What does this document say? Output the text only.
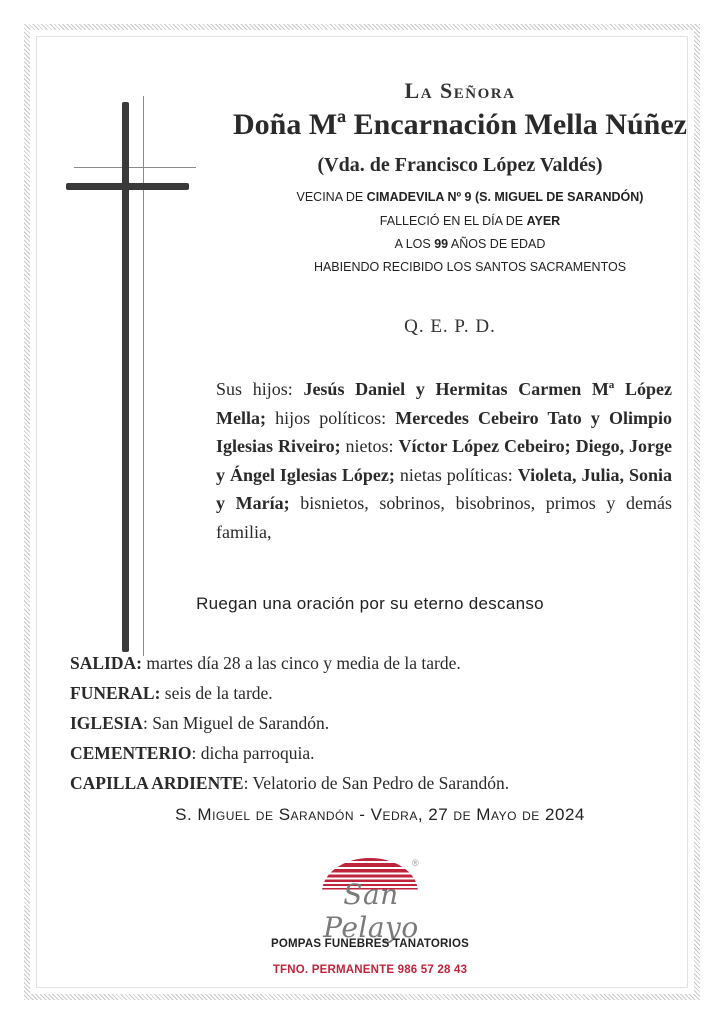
La Señora
Doña Mª Encarnación Mella Núñez
(Vda. de Francisco López Valdés)
VECINA DE CIMADEVILA Nº 9 (S. MIGUEL DE SARANDÓN)
FALLECIÓ EN EL DÍA DE AYER
A LOS 99 AÑOS DE EDAD
HABIENDO RECIBIDO LOS SANTOS SACRAMENTOS
Q. E. P. D.
Sus hijos: Jesús Daniel y Hermitas Carmen Mª López Mella; hijos políticos: Mercedes Cebeiro Tato y Olimpio Iglesias Riveiro; nietos: Víctor López Cebeiro; Diego, Jorge y Ángel Iglesias López; nietas políticas: Violeta, Julia, Sonia y María; bisnietos, sobrinos, bisobrinos, primos y demás familia,
Ruegan una oración por su eterno descanso
SALIDA: martes día 28 a las cinco y media de la tarde.
FUNERAL: seis de la tarde.
IGLESIA: San Miguel de Sarandón.
CEMENTERIO: dicha parroquia.
CAPILLA ARDIENTE: Velatorio de San Pedro de Sarandón.
S. Miguel de Sarandón - Vedra, 27 de Mayo de 2024
San Pelayo
®
POMPAS FUNEBRES TANATORIOS
TFNO. PERMANENTE 986 57 28 43
